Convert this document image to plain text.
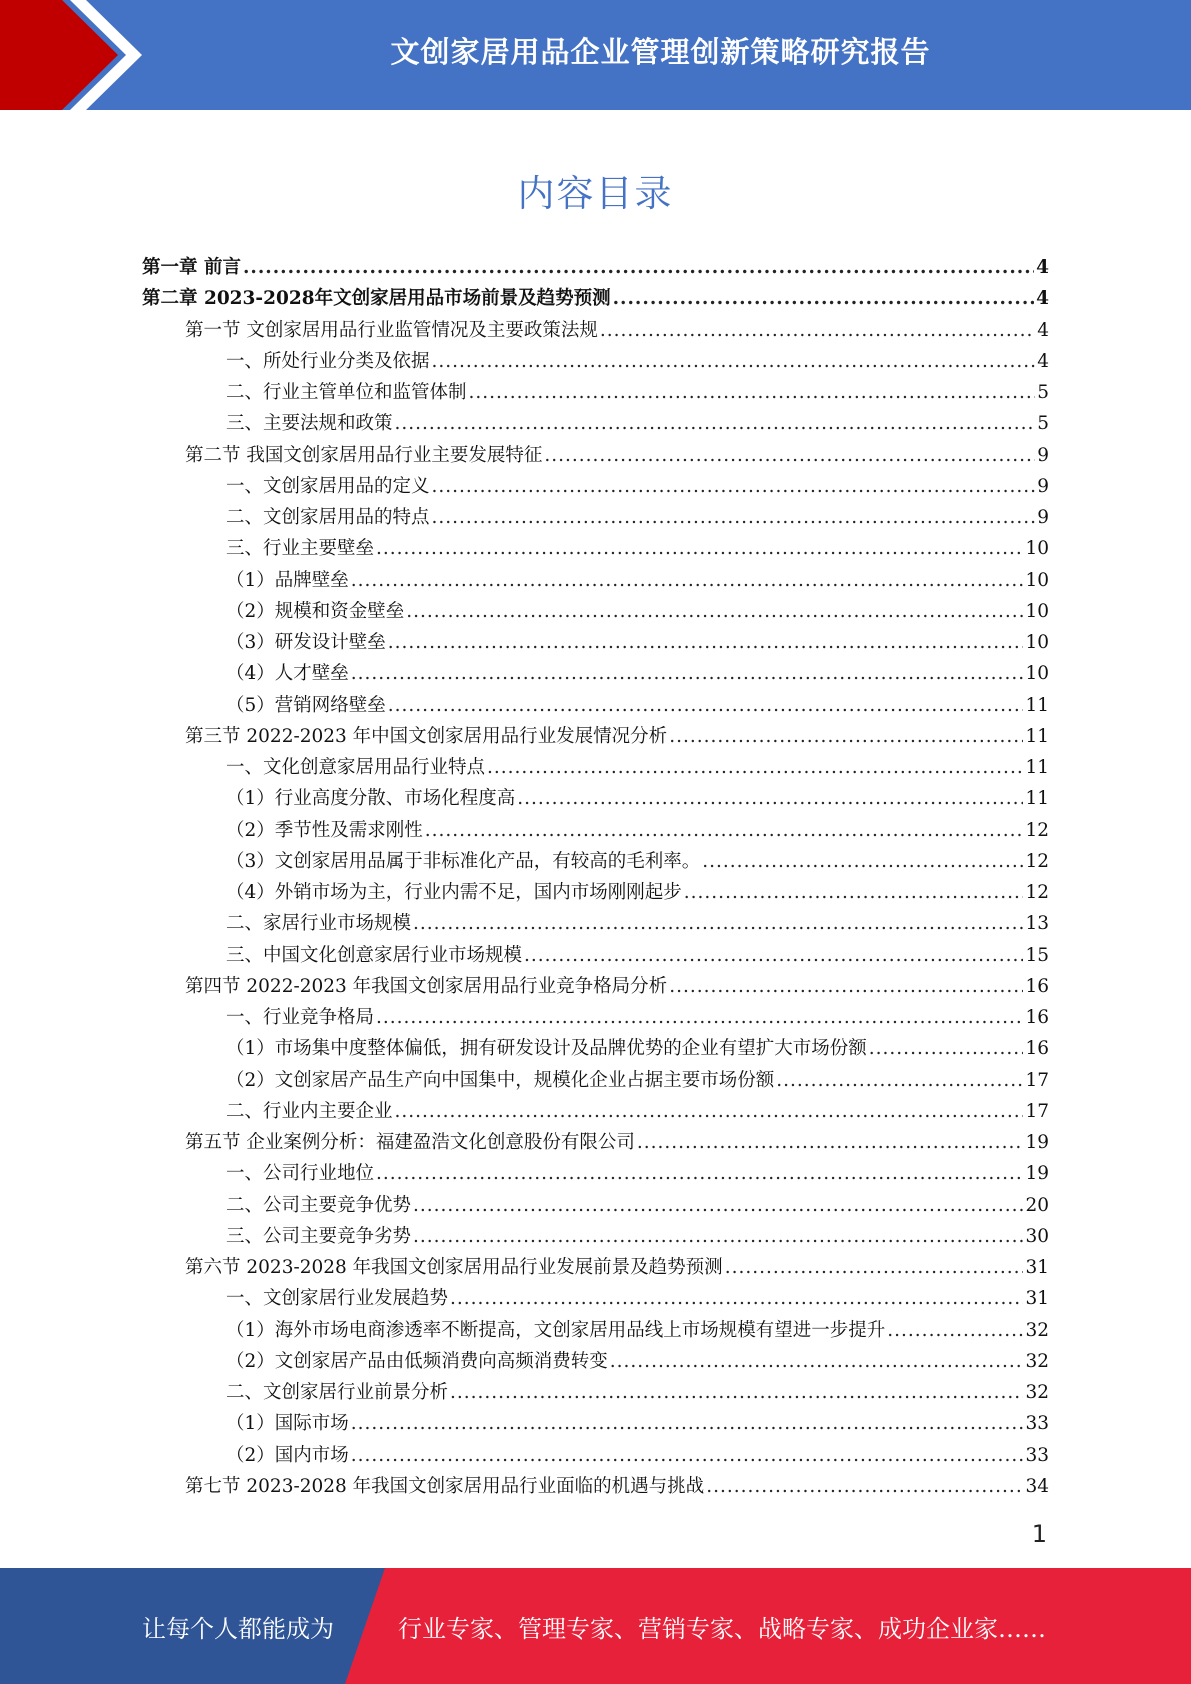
文创家居用品企业管理创新策略研究报告
内容目录
第一章 前言 .....	4
第二章 2023-2028年文创家居用品市场前景及趋势预测 .....	4
第一节 文创家居用品行业监管情况及主要政策法规 .....	4
一、所处行业分类及依据 .....	4
二、行业主管单位和监管体制 .....	5
三、主要法规和政策 .....	5
第二节 我国文创家居用品行业主要发展特征 .....	9
一、文创家居用品的定义 .....	9
二、文创家居用品的特点 .....	9
三、行业主要壁垒 .....	10
（1）品牌壁垒 .....	10
（2）规模和资金壁垒 .....	10
（3）研发设计壁垒 .....	10
（4）人才壁垒 .....	10
（5）营销网络壁垒 .....	11
第三节 2022-2023 年中国文创家居用品行业发展情况分析 .....	11
一、文化创意家居用品行业特点 .....	11
（1）行业高度分散、市场化程度高 .....	11
（2）季节性及需求刚性 .....	12
（3）文创家居用品属于非标准化产品，有较高的毛利率。 .....	12
（4）外销市场为主，行业内需不足，国内市场刚刚起步 .....	12
二、家居行业市场规模 .....	13
三、中国文化创意家居行业市场规模 .....	15
第四节 2022-2023 年我国文创家居用品行业竞争格局分析 .....	16
一、行业竞争格局 .....	16
（1）市场集中度整体偏低，拥有研发设计及品牌优势的企业有望扩大市场份额 .....	16
（2）文创家居产品生产向中国集中，规模化企业占据主要市场份额 .....	17
二、行业内主要企业 .....	17
第五节 企业案例分析：福建盈浩文化创意股份有限公司 .....	19
一、公司行业地位 .....	19
二、公司主要竞争优势 .....	20
三、公司主要竞争劣势 .....	30
第六节 2023-2028 年我国文创家居用品行业发展前景及趋势预测 .....	31
一、文创家居行业发展趋势 .....	31
（1）海外市场电商渗透率不断提高，文创家居用品线上市场规模有望进一步提升 .....	32
（2）文创家居产品由低频消费向高频消费转变 .....	32
二、文创家居行业前景分析 .....	32
（1）国际市场 .....	33
（2）国内市场 .....	33
第七节 2023-2028 年我国文创家居用品行业面临的机遇与挑战 .....	34
1
让每个人都能成为	行业专家、管理专家、营销专家、战略专家、成功企业家……
